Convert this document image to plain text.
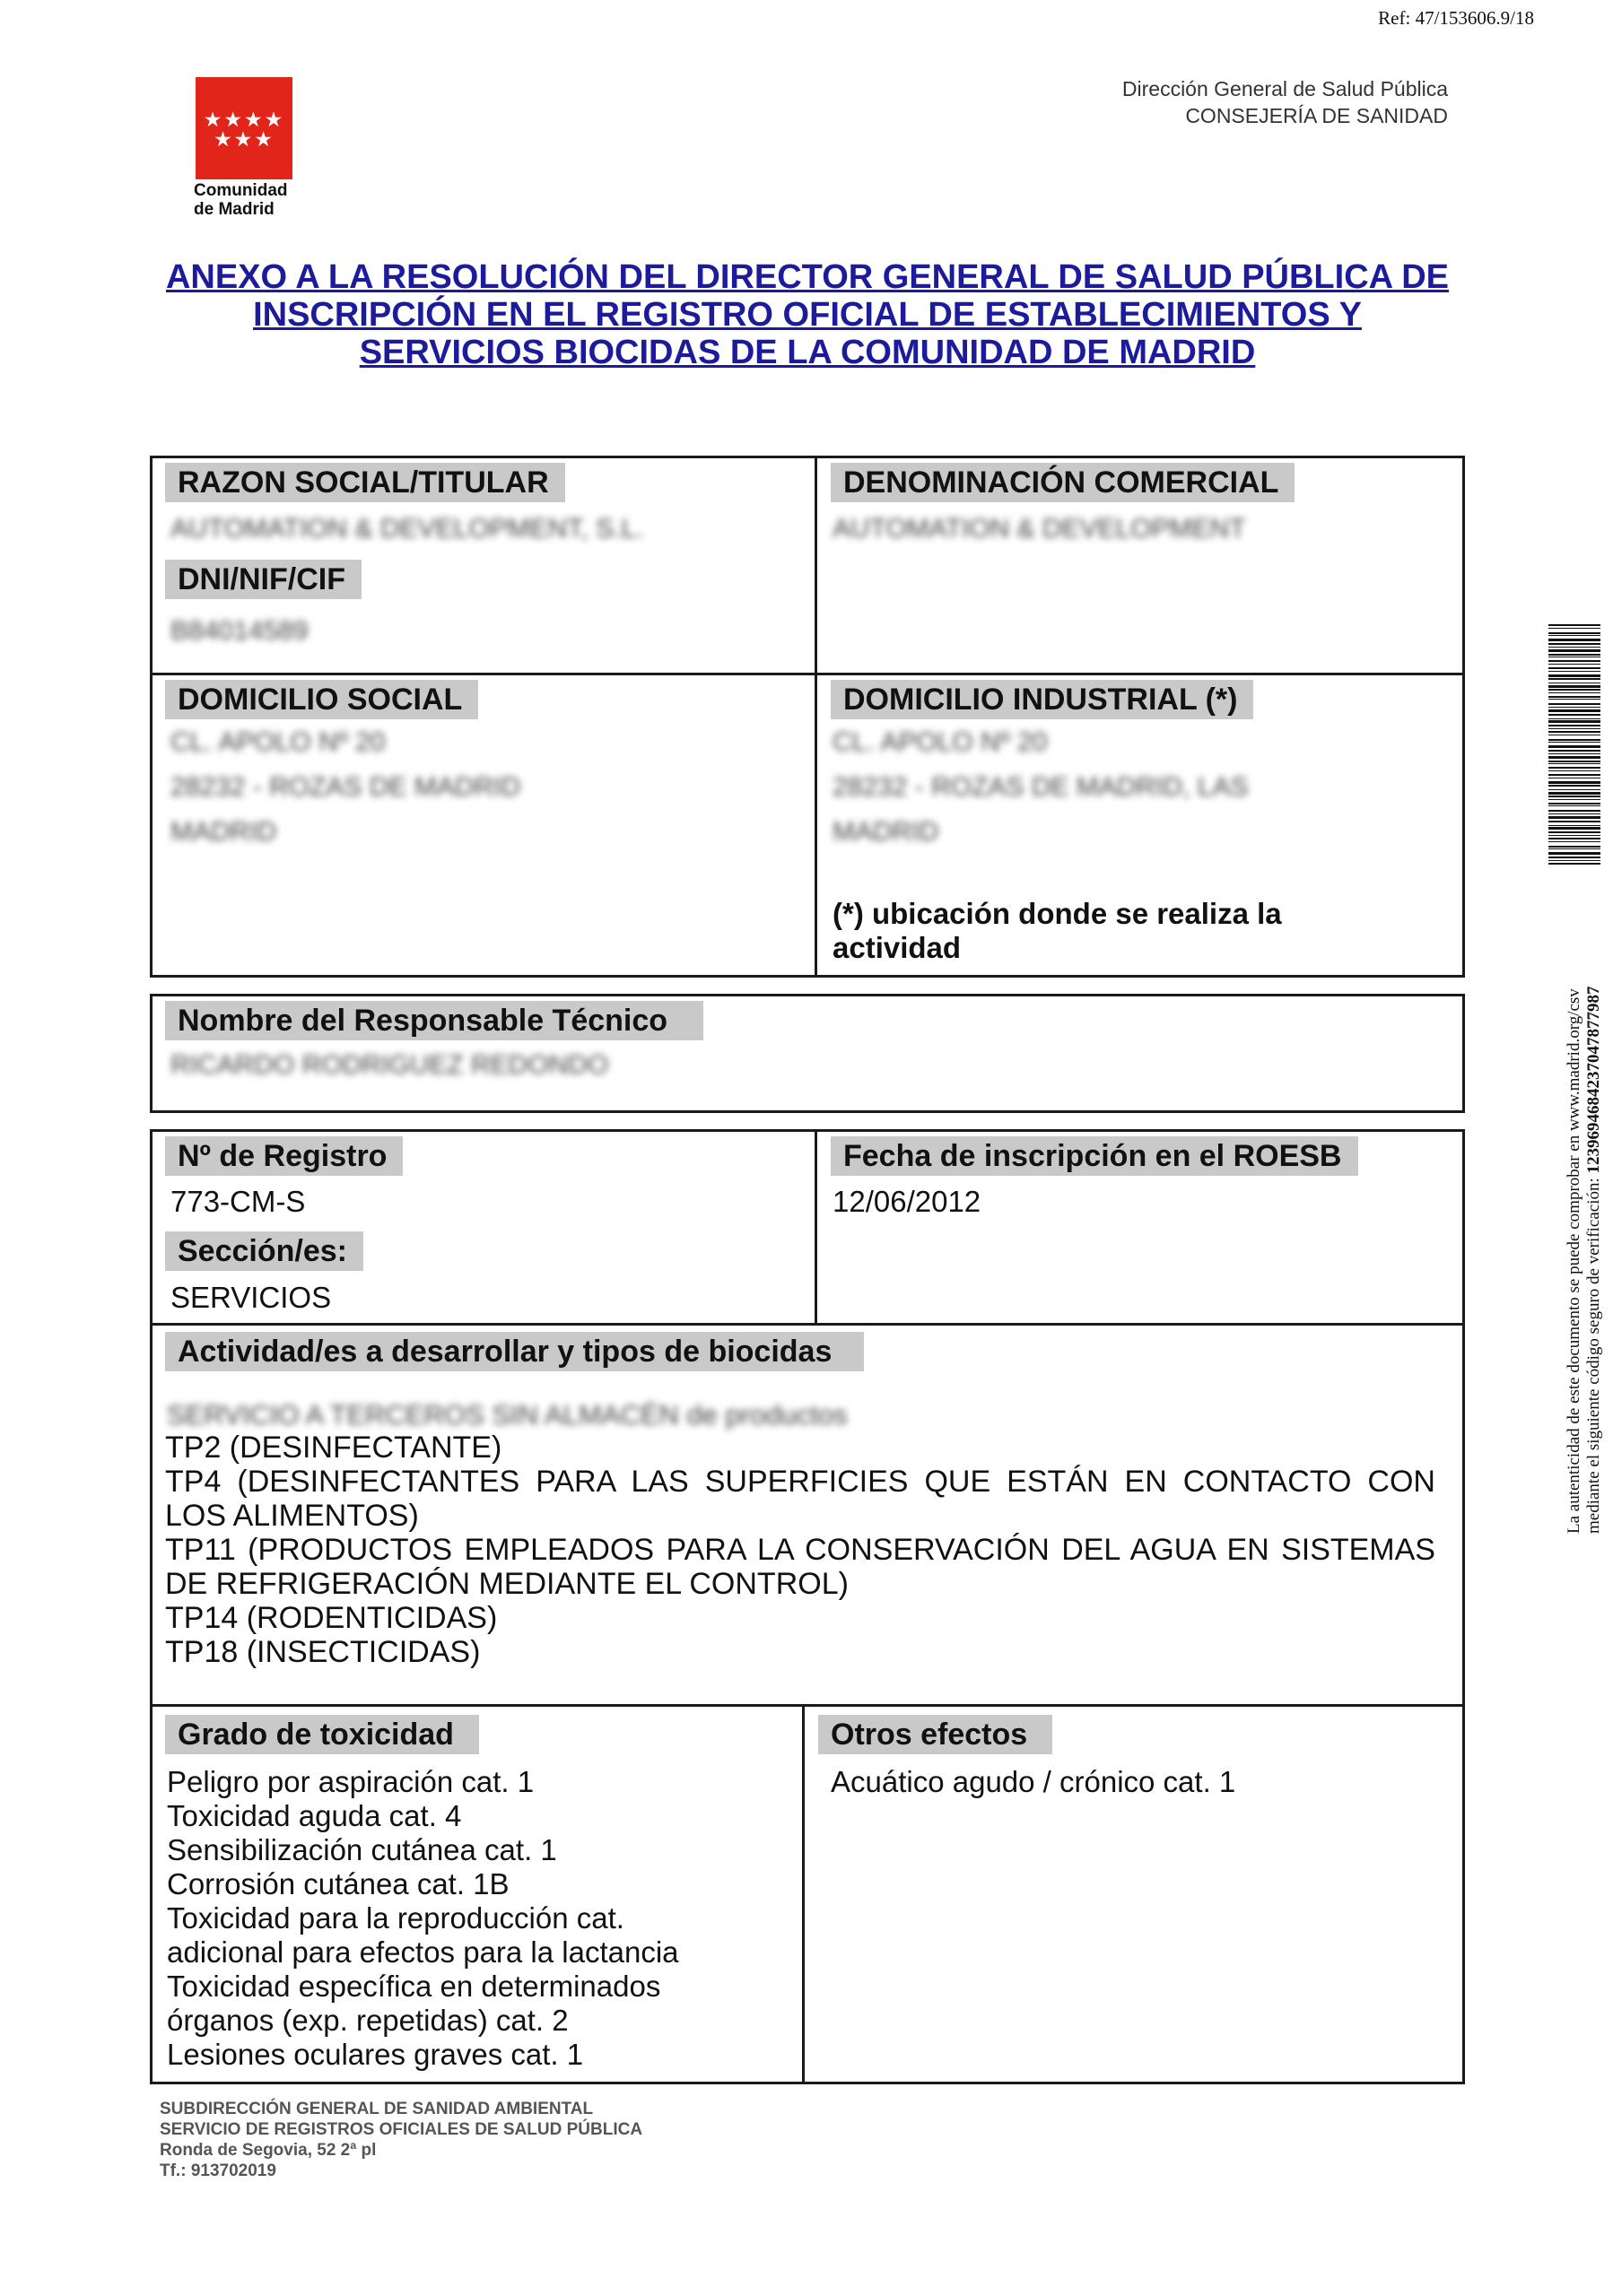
Ref: 47/153606.9/18
★★★★
★★★
Comunidad
de Madrid
Dirección General de Salud Pública
CONSEJERÍA DE SANIDAD
ANEXO A LA RESOLUCIÓN DEL DIRECTOR GENERAL DE SALUD PÚBLICA DE INSCRIPCIÓN EN EL REGISTRO OFICIAL DE ESTABLECIMIENTOS Y SERVICIOS BIOCIDAS DE LA COMUNIDAD DE MADRID
RAZON SOCIAL/TITULAR
AUTOMATION & DEVELOPMENT, S.L.
DNI/NIF/CIF
B84014589
DENOMINACIÓN COMERCIAL
AUTOMATION & DEVELOPMENT
DOMICILIO SOCIAL
CL. APOLO Nº 20
28232 - ROZAS DE MADRID
MADRID
DOMICILIO INDUSTRIAL (*)
CL. APOLO Nº 20
28232 - ROZAS DE MADRID, LAS
MADRID
(*) ubicación donde se realiza la actividad
Nombre del Responsable Técnico
RICARDO RODRIGUEZ REDONDO
Nº de Registro
773-CM-S
Sección/es:
SERVICIOS
Fecha de inscripción en el ROESB
12/06/2012
Actividad/es a desarrollar y tipos de biocidas
SERVICIO A TERCEROS SIN ALMACÉN de productos
TP2 (DESINFECTANTE)
TP4 (DESINFECTANTES PARA LAS SUPERFICIES QUE ESTÁN EN CONTACTO CON LOS ALIMENTOS)
TP11 (PRODUCTOS EMPLEADOS PARA LA CONSERVACIÓN DEL AGUA EN SISTEMAS DE REFRIGERACIÓN MEDIANTE EL CONTROL)
TP14 (RODENTICIDAS)
TP18 (INSECTICIDAS)
Grado de toxicidad
Peligro por aspiración cat. 1
Toxicidad aguda cat. 4
Sensibilización cutánea cat. 1
Corrosión cutánea cat. 1B
Toxicidad para la reproducción cat.
adicional para efectos para la lactancia
Toxicidad específica en determinados
órganos (exp. repetidas) cat. 2
Lesiones oculares graves cat. 1
Otros efectos
Acuático agudo / crónico cat. 1
SUBDIRECCIÓN GENERAL DE SANIDAD AMBIENTAL
SERVICIO DE REGISTROS OFICIALES DE SALUD PÚBLICA
Ronda de Segovia, 52 2ª pl
Tf.: 913702019
La autenticidad de este documento se puede comprobar en www.madrid.org/csv mediante el siguiente código seguro de verificación: 1239694684237047877987
